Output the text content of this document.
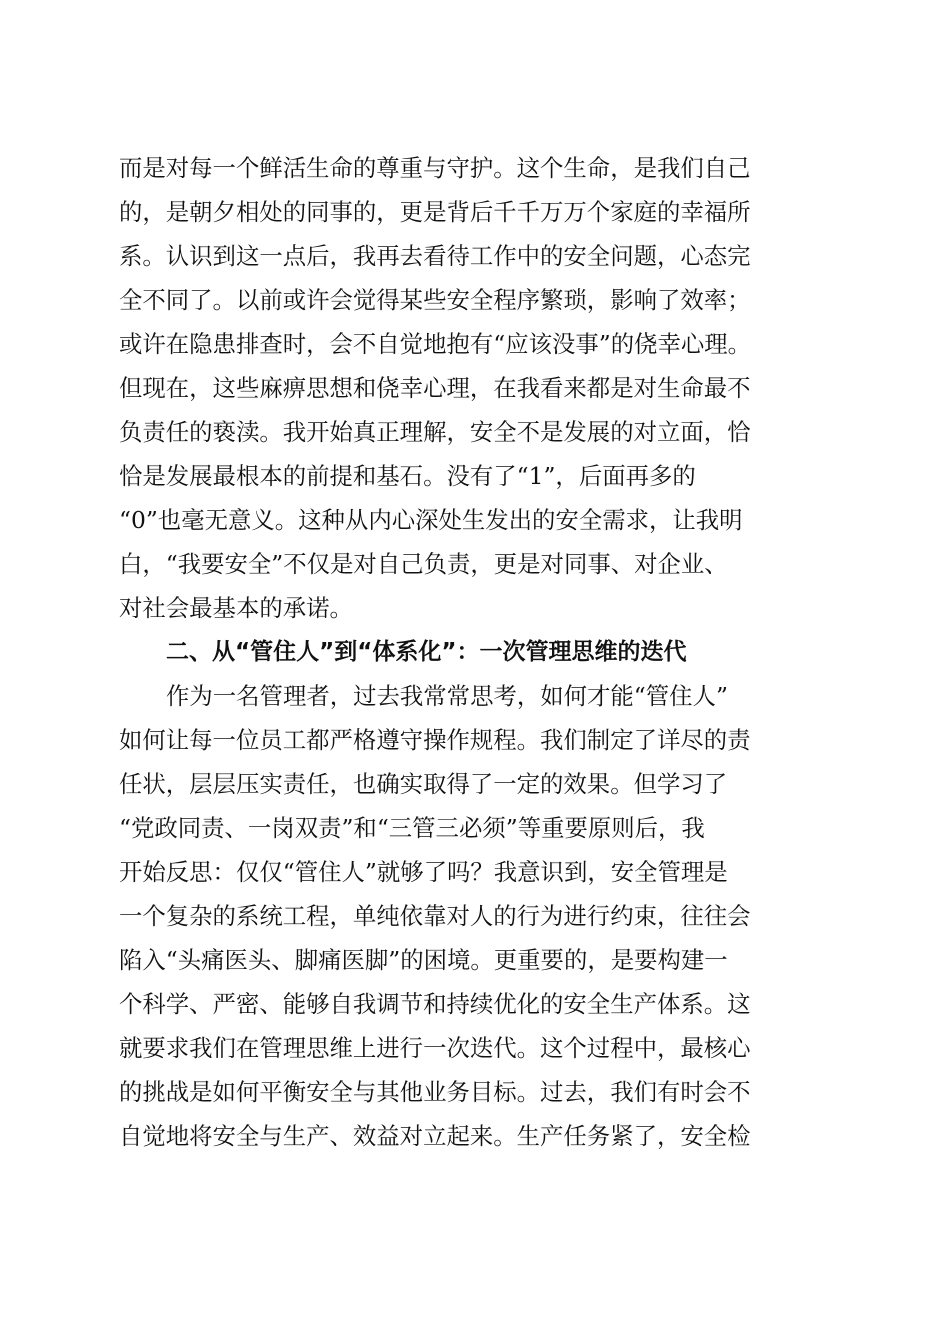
而是对每一个鲜活生命的尊重与守护。这个生命，是我们自己
的，是朝夕相处的同事的，更是背后千千万万个家庭的幸福所
系。认识到这一点后，我再去看待工作中的安全问题，心态完
全不同了。以前或许会觉得某些安全程序繁琐，影响了效率；
或许在隐患排查时，会不自觉地抱有“应该没事”的侥幸心理。
但现在，这些麻痹思想和侥幸心理，在我看来都是对生命最不
负责任的亵渎。我开始真正理解，安全不是发展的对立面，恰
恰是发展最根本的前提和基石。没有了“1”，后面再多的
“0”也毫无意义。这种从内心深处生发出的安全需求，让我明
白，“我要安全”不仅是对自己负责，更是对同事、对企业、
对社会最基本的承诺。
二、从“管住人”到“体系化”：一次管理思维的迭代
作为一名管理者，过去我常常思考，如何才能“管住人”
如何让每一位员工都严格遵守操作规程。我们制定了详尽的责
任状，层层压实责任，也确实取得了一定的效果。但学习了
“党政同责、一岗双责”和“三管三必须”等重要原则后，我
开始反思：仅仅“管住人”就够了吗？我意识到，安全管理是
一个复杂的系统工程，单纯依靠对人的行为进行约束，往往会
陷入“头痛医头、脚痛医脚”的困境。更重要的，是要构建一
个科学、严密、能够自我调节和持续优化的安全生产体系。这
就要求我们在管理思维上进行一次迭代。这个过程中，最核心
的挑战是如何平衡安全与其他业务目标。过去，我们有时会不
自觉地将安全与生产、效益对立起来。生产任务紧了，安全检
